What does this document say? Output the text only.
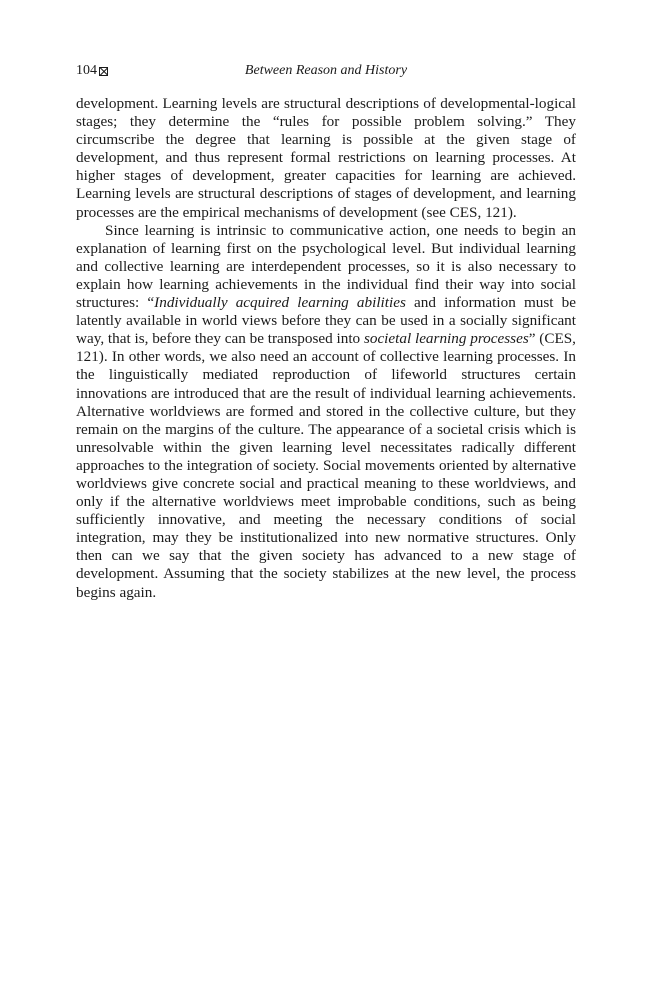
104	Between Reason and History

development. Learning levels are structural descriptions of developmental-logical stages; they determine the “rules for possible problem solving.” They circumscribe the degree that learning is possible at the given stage of development, and thus represent formal restrictions on learning processes. At higher stages of development, greater capacities for learning are achieved. Learning levels are structural descriptions of stages of development, and learning processes are the empirical mechanisms of development (see CES, 121).

Since learning is intrinsic to communicative action, one needs to begin an explanation of learning first on the psychological level. But individual learning and collective learning are interdependent processes, so it is also necessary to explain how learning achievements in the individual find their way into social structures: “Individually acquired learning abilities and information must be latently available in world views before they can be used in a socially significant way, that is, before they can be transposed into societal learning processes” (CES, 121). In other words, we also need an account of collective learning processes. In the linguistically mediated reproduction of lifeworld structures certain innovations are introduced that are the result of individual learning achievements. Alternative worldviews are formed and stored in the collective culture, but they remain on the margins of the culture. The appearance of a societal crisis which is unresolvable within the given learning level necessitates radically different approaches to the integration of society. Social movements oriented by alternative worldviews give concrete social and practical meaning to these worldviews, and only if the alternative worldviews meet improbable conditions, such as being sufficiently innovative, and meeting the necessary conditions of social integration, may they be institutionalized into new normative structures. Only then can we say that the given society has advanced to a new stage of development. Assuming that the society stabilizes at the new level, the process begins again.
